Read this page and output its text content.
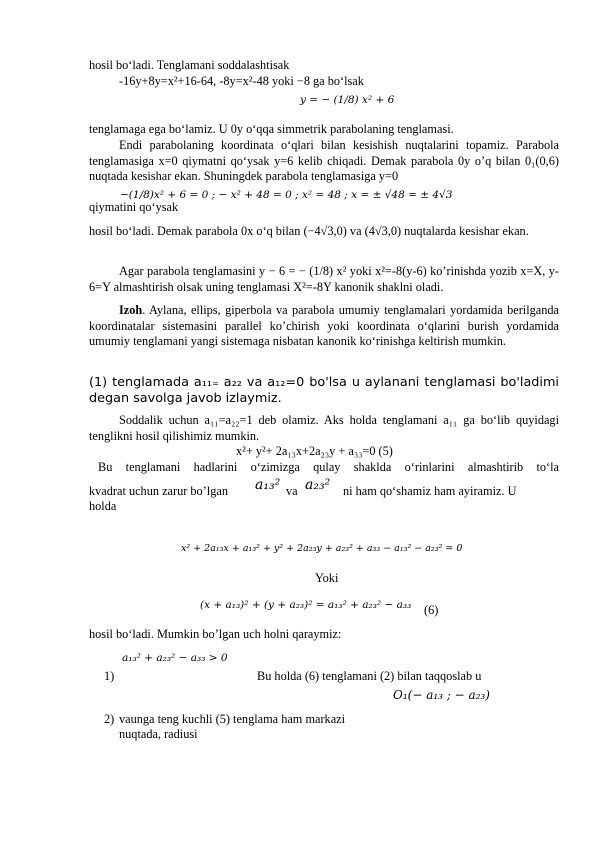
hosil bo‘ladi. Tenglamani soddalashtisak
-16y+8y=x²+16-64, -8y=x²-48 yoki −8 ga bo‘lsak
y = − (1/8) x² + 6
tenglamaga ega bo‘lamiz. U 0y o‘qqa simmetrik parabolaning tenglamasi.
Endi parabolaning koordinata o‘qlari bilan kesishish nuqtalarini topamiz. Parabola tenglamasiga x=0 qiymatni qo‘ysak y=6 kelib chiqadi. Demak parabola 0y o’q bilan 0₁(0,6) nuqtada kesishar ekan. Shuningdek parabola tenglamasiga y=0
−(1/8)x² + 6 = 0 ; − x² + 48 = 0 ; x² = 48 ; x = ± √48 = ± 4√3
qiymatini qo‘ysak
hosil bo‘ladi. Demak parabola 0x o‘q bilan (−4√3,0) va (4√3,0) nuqtalarda kesishar ekan.
Agar parabola tenglamasini y − 6 = − (1/8) x² yoki x²=-8(y-6) ko’rinishda yozib x=X, y-6=Y almashtirish olsak uning tenglamasi X²=-8Y kanonik shaklni oladi.
Izoh. Aylana, ellips, giperbola va parabola umumiy tenglamalari yordamida berilganda koordinatalar sistemasini parallel ko’chirish yoki koordinata o‘qlarini burish yordamida umumiy tenglamani yangi sistemaga nisbatan kanonik ko‘rinishga keltirish mumkin.
(1) tenglamada a₁₁₌ a₂₂ va a₁₂=0 bo'lsa u aylanani tenglamasi bo'ladimi degan savolga javob izlaymiz.
Soddalik uchun a₁₁=a₂₂=1 deb olamiz. Aks holda tenglamani a₁₁ ga bo‘lib quyidagi tenglikni hosil qilishimiz mumkin.
x²+ y²+ 2a₁₃x+2a₂₃y + a₃₃=0 (5)
Bu tenglamani hadlarini o‘zimizga qulay shaklda o‘rinlarini almashtirib to‘la
kvadrat uchun zarur bo’lgan a₁₃² va a₂₃² ni ham qo‘shamiz ham ayiramiz. U
holda
x² + 2a₁₃x + a₁₃² + y² + 2a₂₃y + a₂₃² + a₃₃ − a₁₃² − a₂₃² = 0
Yoki
(x + a₁₃)² + (y + a₂₃)² = a₁₃² + a₂₃² − a₃₃ (6)
hosil bo‘ladi. Mumkin bo’lgan uch holni qaraymiz:
a₁₃² + a₂₃² − a₃₃ > 0
1)	Bu holda (6) tenglamani (2) bilan taqqoslab u
O₁(− a₁₃ ; − a₂₃)
2) vaunga teng kuchli (5) tenglama ham markazi
nuqtada, radiusi
